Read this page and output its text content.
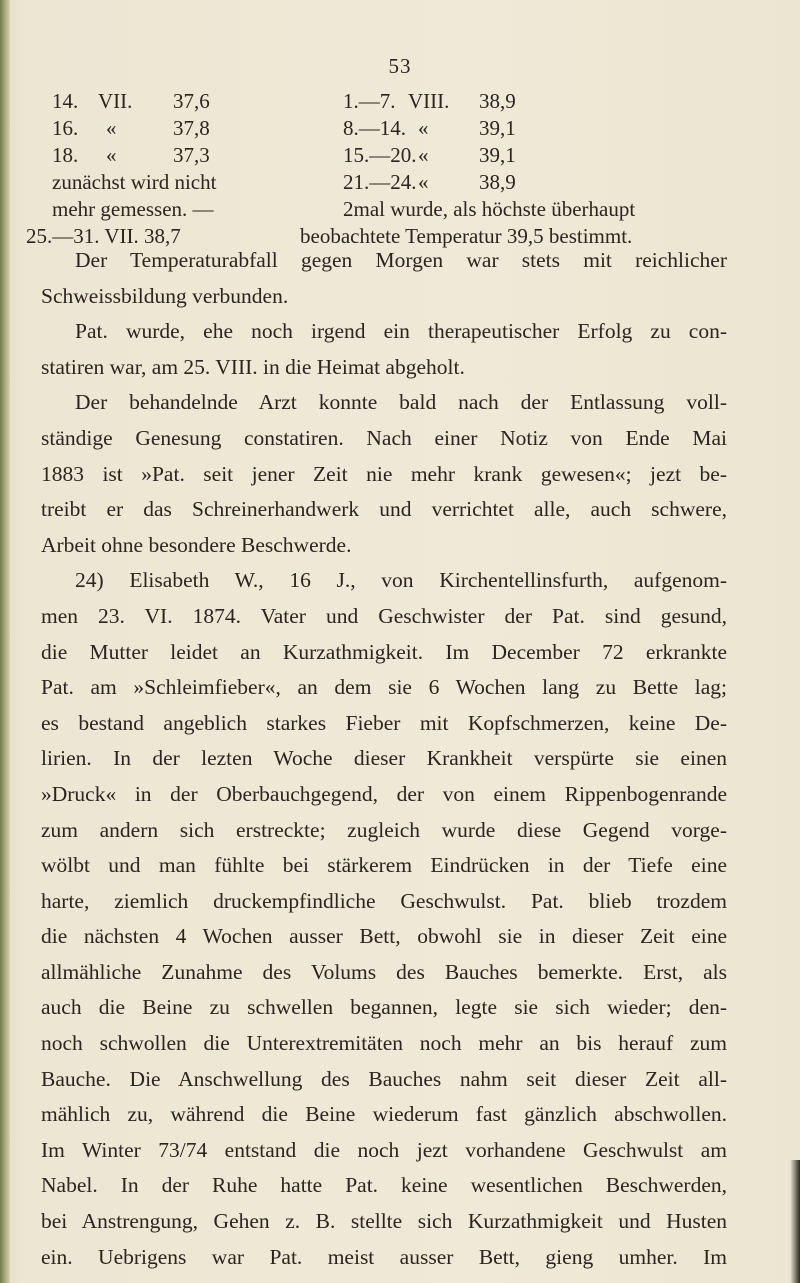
53
14. VII. 37,6	1.—7. VIII. 38,9
16. «	37,8	8.—14. « 39,1
18. «	37,3	15.—20. « 39,1
zunächst wird nicht	21.—24. « 38,9
mehr gemessen. —	2mal wurde, als höchste überhaupt
25.—31. VII. 38,7	beobachtete Temperatur 39,5 bestimmt.
Der Temperaturabfall gegen Morgen war stets mit reichlicher
Schweissbildung verbunden.
Pat. wurde, ehe noch irgend ein therapeutischer Erfolg zu con-
statiren war, am 25. VIII. in die Heimat abgeholt.
Der behandelnde Arzt konnte bald nach der Entlassung voll-
ständige Genesung constatiren. Nach einer Notiz von Ende Mai
1883 ist »Pat. seit jener Zeit nie mehr krank gewesen«; jezt be-
treibt er das Schreinerhandwerk und verrichtet alle, auch schwere,
Arbeit ohne besondere Beschwerde.
24) Elisabeth W., 16 J., von Kirchentellinsfurth, aufgenom-
men 23. VI. 1874. Vater und Geschwister der Pat. sind gesund,
die Mutter leidet an Kurzathmigkeit. Im December 72 erkrankte
Pat. am »Schleimfieber«, an dem sie 6 Wochen lang zu Bette lag;
es bestand angeblich starkes Fieber mit Kopfschmerzen, keine De-
lirien. In der lezten Woche dieser Krankheit verspürte sie einen
»Druck« in der Oberbauchgegend, der von einem Rippenbogenrande
zum andern sich erstreckte; zugleich wurde diese Gegend vorge-
wölbt und man fühlte bei stärkerem Eindrücken in der Tiefe eine
harte, ziemlich druckempfindliche Geschwulst. Pat. blieb trozdem
die nächsten 4 Wochen ausser Bett, obwohl sie in dieser Zeit eine
allmähliche Zunahme des Volums des Bauches bemerkte. Erst, als
auch die Beine zu schwellen begannen, legte sie sich wieder; den-
noch schwollen die Unterextremitäten noch mehr an bis herauf zum
Bauche. Die Anschwellung des Bauches nahm seit dieser Zeit all-
mählich zu, während die Beine wiederum fast gänzlich abschwollen.
Im Winter 73/74 entstand die noch jezt vorhandene Geschwulst am
Nabel. In der Ruhe hatte Pat. keine wesentlichen Beschwerden,
bei Anstrengung, Gehen z. B. stellte sich Kurzathmigkeit und Husten
ein. Uebrigens war Pat. meist ausser Bett, gieng umher. Im
